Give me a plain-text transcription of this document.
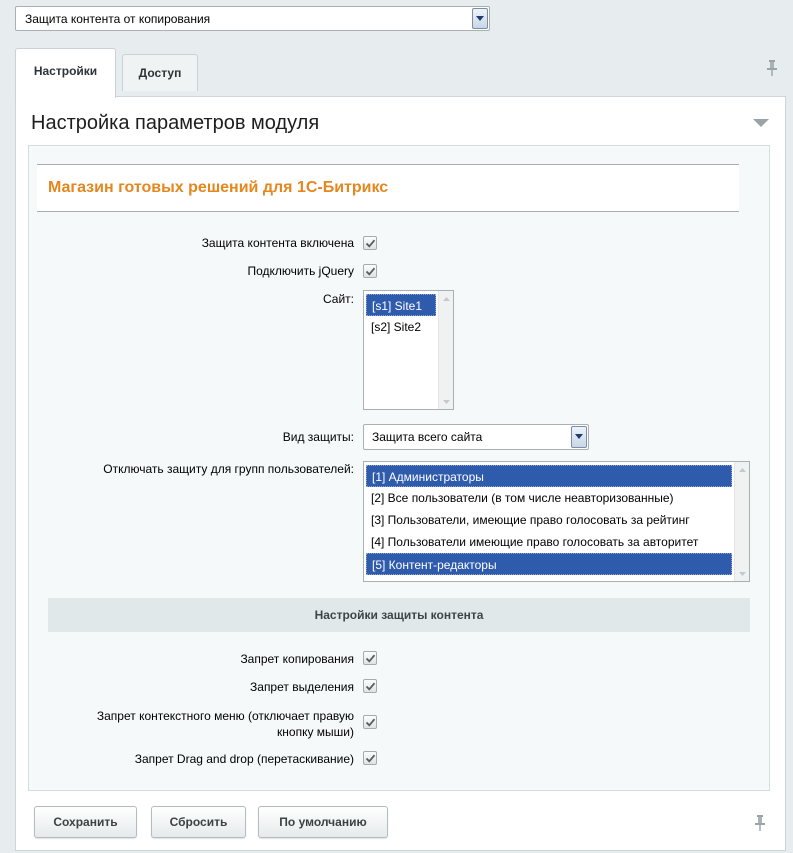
Защита контента от копирования
Настройки	Доступ
Настройка параметров модуля
Магазин готовых решений для 1С-Битрикс
Защита контента включена
Подключить jQuery
Сайт:	[s1] Site1
[s2] Site2
Вид защиты: Защита всего сайта
Отключать защиту для групп пользователей:
[1] Администраторы
[2] Все пользователи (в том числе неавторизованные)
[3] Пользователи, имеющие право голосовать за рейтинг
[4] Пользователи имеющие право голосовать за авторитет
[5] Контент-редакторы
Настройки защиты контента
Запрет копирования
Запрет выделения
Запрет контекстного меню (отключает правую
кнопку мыши)
Запрет Drag and drop (перетаскивание)
Сохранить	Сбросить	По умолчанию
